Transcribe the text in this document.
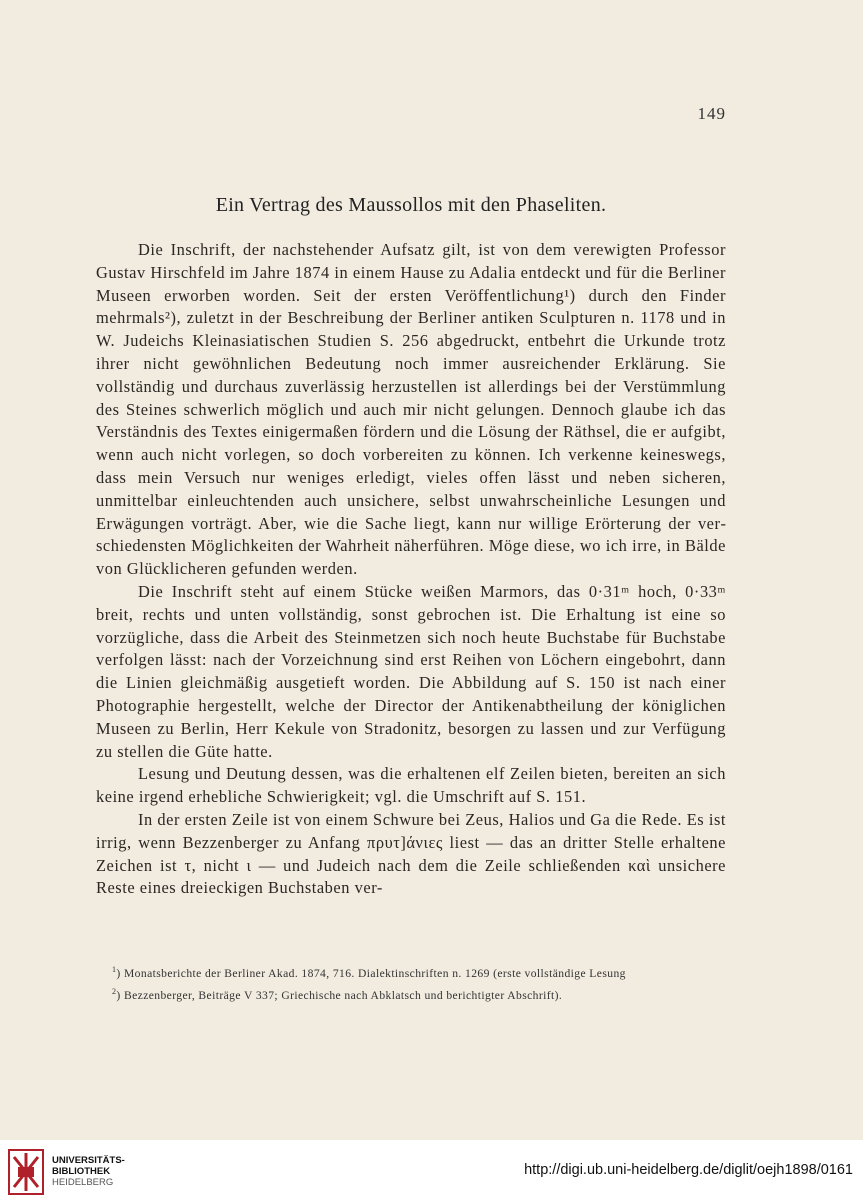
149
Ein Vertrag des Maussollos mit den Phaseliten.

Die Inschrift, der nachstehender Aufsatz gilt, ist von dem verewigten Professor Gustav Hirschfeld im Jahre 1874 in einem Hause zu Adalia entdeckt und für die Berliner Museen erworben worden. Seit der ersten Veröffentlichung¹) durch den Finder mehrmals²), zuletzt in der Beschreibung der Berliner antiken Sculpturen n. 1178 und in W. Judeichs Kleinasiatischen Studien S. 256 abgedruckt, entbehrt die Urkunde trotz ihrer nicht gewöhnlichen Bedeutung noch immer ausreichender Erklärung. Sie vollständig und durchaus zuverlässig herzustellen ist allerdings bei der Verstümmlung des Steines schwerlich möglich und auch mir nicht gelungen. Dennoch glaube ich das Verständnis des Textes einigermaßen fördern und die Lösung der Räthsel, die er aufgibt, wenn auch nicht vorlegen, so doch vorbereiten zu können. Ich verkenne keineswegs, dass mein Versuch nur weniges erledigt, vieles offen lässt und neben sicheren, unmittelbar einleuchtenden auch unsichere, selbst unwahrscheinliche Lesungen und Erwägungen vorträgt. Aber, wie die Sache liegt, kann nur willige Erörterung der verschiedensten Möglichkeiten der Wahrheit näherführen. Möge diese, wo ich irre, in Bälde von Glücklicheren gefunden werden.

Die Inschrift steht auf einem Stücke weißen Marmors, das 0·31ᵐ hoch, 0·33ᵐ breit, rechts und unten vollständig, sonst gebrochen ist. Die Erhaltung ist eine so vorzügliche, dass die Arbeit des Steinmetzen sich noch heute Buchstabe für Buchstabe verfolgen lässt: nach der Vorzeichnung sind erst Reihen von Löchern eingebohrt, dann die Linien gleichmäßig ausgetieft worden. Die Abbildung auf S. 150 ist nach einer Photographie hergestellt, welche der Director der Antikenabtheilung der königlichen Museen zu Berlin, Herr Kekule von Stradonitz, besorgen zu lassen und zur Verfügung zu stellen die Güte hatte.

Lesung und Deutung dessen, was die erhaltenen elf Zeilen bieten, bereiten an sich keine irgend erhebliche Schwierigkeit; vgl. die Umschrift auf S. 151.

In der ersten Zeile ist von einem Schwure bei Zeus, Halios und Ga die Rede. Es ist irrig, wenn Bezzenberger zu Anfang πρυτ]άνιες liest — das an dritter Stelle erhaltene Zeichen ist τ, nicht ι — und Judeich nach dem die Zeile schließenden καὶ unsichere Reste eines dreieckigen Buchstaben ver-

$^1$) Monatsberichte der Berliner Akad. 1874, 716. Dialektinschriften n. 1269 (erste vollständige Lesung
$^2$) Bezzenberger, Beiträge V 337; Griechische nach Abklatsch und berichtigter Abschrift).
UNIVERSITÄTS-
BIBLIOTHEK
HEIDELBERG
http://digi.ub.uni-heidelberg.de/diglit/oejh1898/0161
